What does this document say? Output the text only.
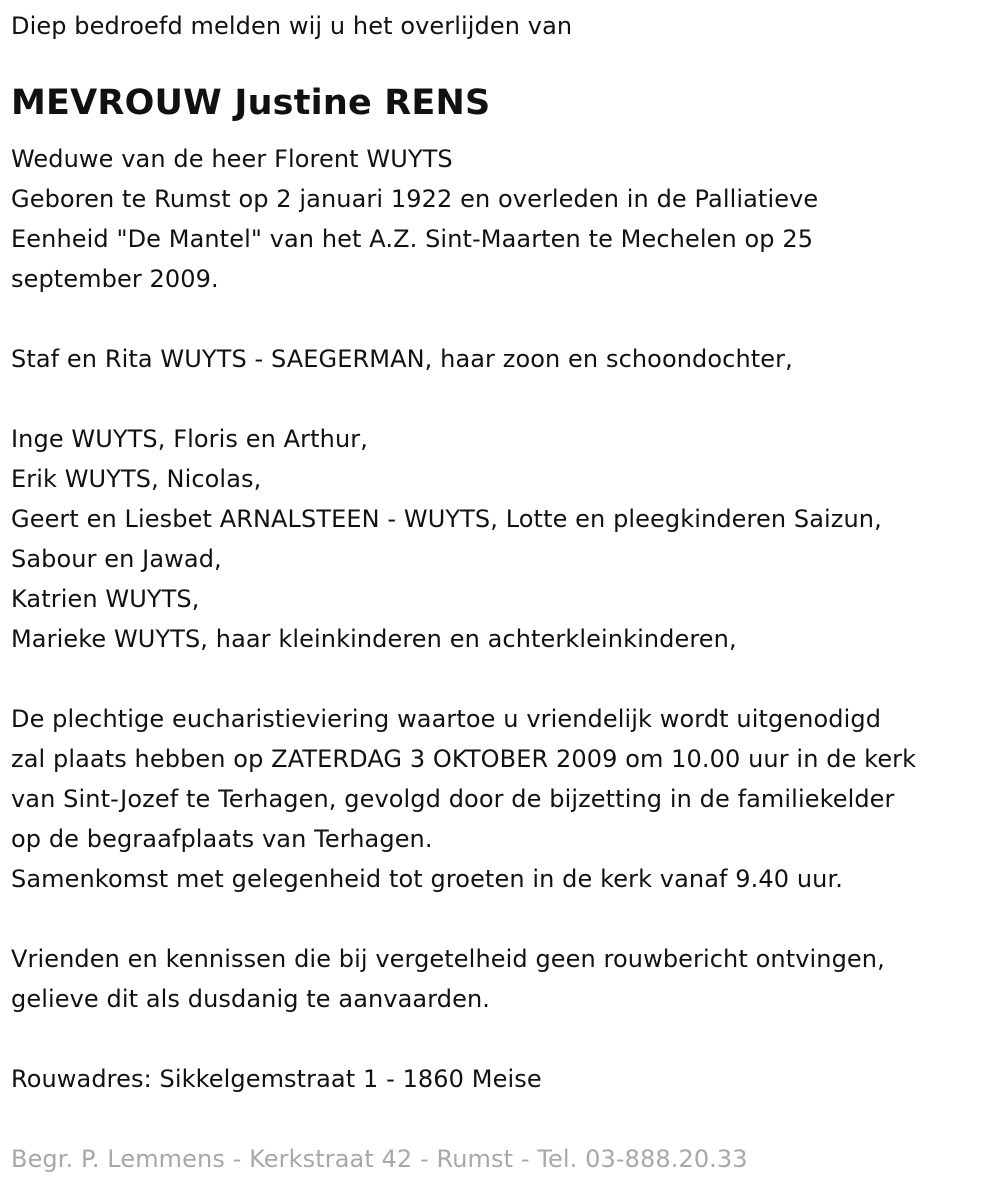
Diep bedroefd melden wij u het overlijden van
MEVROUW Justine RENS
Weduwe van de heer Florent WUYTS
Geboren te Rumst op 2 januari 1922 en overleden in de Palliatieve
Eenheid "De Mantel" van het A.Z. Sint-Maarten te Mechelen op 25
september 2009.
Staf en Rita WUYTS - SAEGERMAN, haar zoon en schoondochter,
Inge WUYTS, Floris en Arthur,
Erik WUYTS, Nicolas,
Geert en Liesbet ARNALSTEEN - WUYTS, Lotte en pleegkinderen Saizun,
Sabour en Jawad,
Katrien WUYTS,
Marieke WUYTS, haar kleinkinderen en achterkleinkinderen,
De plechtige eucharistieviering waartoe u vriendelijk wordt uitgenodigd
zal plaats hebben op ZATERDAG 3 OKTOBER 2009 om 10.00 uur in de kerk
van Sint-Jozef te Terhagen, gevolgd door de bijzetting in de familiekelder
op de begraafplaats van Terhagen.
Samenkomst met gelegenheid tot groeten in de kerk vanaf 9.40 uur.
Vrienden en kennissen die bij vergetelheid geen rouwbericht ontvingen,
gelieve dit als dusdanig te aanvaarden.
Rouwadres: Sikkelgemstraat 1 - 1860 Meise
Begr. P. Lemmens - Kerkstraat 42 - Rumst - Tel. 03-888.20.33
